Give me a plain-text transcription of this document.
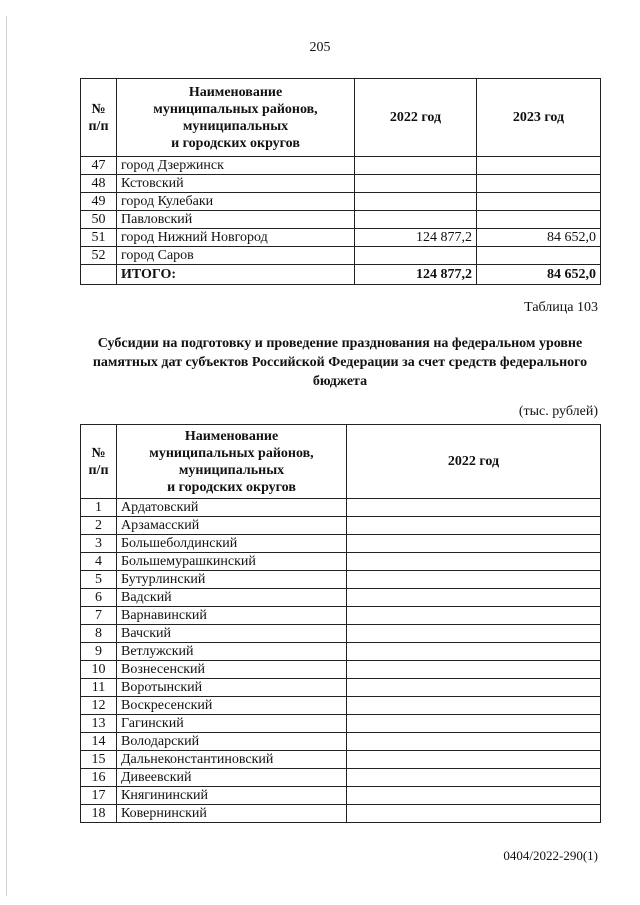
205
№
п/п	Наименование
муниципальных районов,
муниципальных
и городских округов	2022 год	2023 год
47	город Дзержинск		
48	Кстовский		
49	город Кулебаки		
50	Павловский		
51	город Нижний Новгород	124 877,2	84 652,0
52	город Саров		
	ИТОГО:	124 877,2	84 652,0
Таблица 103
Субсидии на подготовку и проведение празднования на федеральном уровне памятных дат субъектов Российской Федерации за счет средств федерального бюджета
(тыс. рублей)
№
п/п	Наименование
муниципальных районов,
муниципальных
и городских округов	2022 год
1	Ардатовский	
2	Арзамасский	
3	Большеболдинский	
4	Большемурашкинский	
5	Бутурлинский	
6	Вадский	
7	Варнавинский	
8	Вачский	
9	Ветлужский	
10	Вознесенский	
11	Воротынский	
12	Воскресенский	
13	Гагинский	
14	Володарский	
15	Дальнеконстантиновский	
16	Дивеевский	
17	Княгининский	
18	Ковернинский	
0404/2022-290(1)
